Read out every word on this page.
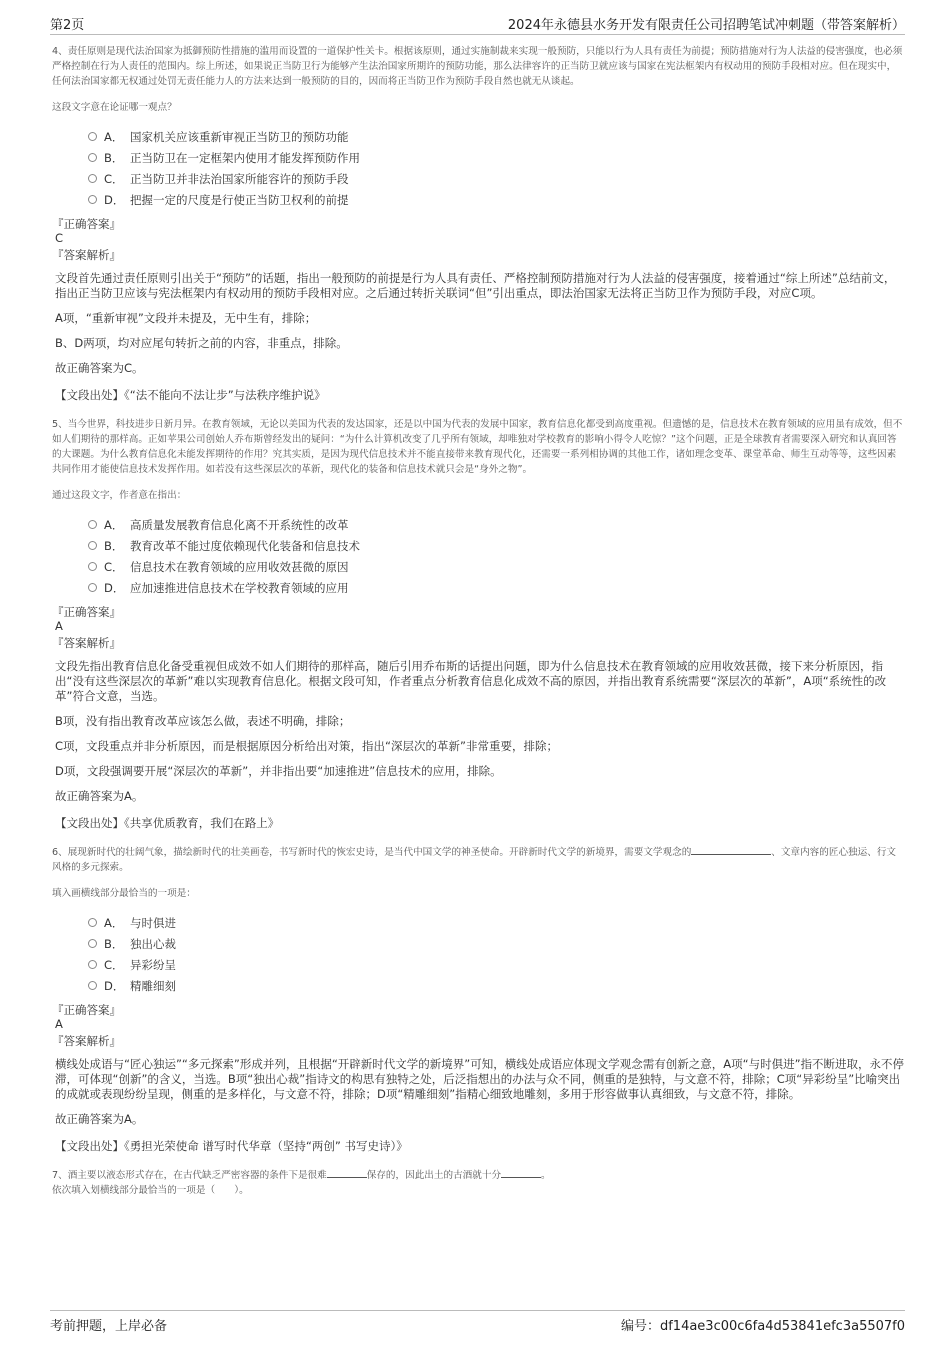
第2页	2024年永德县水务开发有限责任公司招聘笔试冲刺题（带答案解析）

4、责任原则是现代法治国家为抵御预防性措施的滥用而设置的一道保护性关卡。根据该原则，通过实施制裁来实现一般预防，只能以行为人具有责任为前提；预防措施对行为人法益的侵害强度，也必须严格控制在行为人责任的范围内。综上所述，如果说正当防卫行为能够产生法治国家所期许的预防功能，那么法律容许的正当防卫就应该与国家在宪法框架内有权动用的预防手段相对应。但在现实中，任何法治国家都无权通过处罚无责任能力人的方法来达到一般预防的目的，因而将正当防卫作为预防手段自然也就无从谈起。

这段文字意在论证哪一观点？

A． 国家机关应该重新审视正当防卫的预防功能
B． 正当防卫在一定框架内使用才能发挥预防作用
C． 正当防卫并非法治国家所能容许的预防手段
D． 把握一定的尺度是行使正当防卫权利的前提

『正确答案』

C

『答案解析』

文段首先通过责任原则引出关于“预防”的话题，指出一般预防的前提是行为人具有责任、严格控制预防措施对行为人法益的侵害强度，接着通过“综上所述”总结前文，指出正当防卫应该与宪法框架内有权动用的预防手段相对应。之后通过转折关联词“但”引出重点，即法治国家无法将正当防卫作为预防手段，对应C项。

A项，“重新审视”文段并未提及，无中生有，排除；

B、D两项，均对应尾句转折之前的内容，非重点，排除。

故正确答案为C。

【文段出处】《“法不能向不法让步”与法秩序维护说》

5、当今世界，科技进步日新月异。在教育领域，无论以美国为代表的发达国家，还是以中国为代表的发展中国家，教育信息化都受到高度重视。但遗憾的是，信息技术在教育领域的应用虽有成效，但不如人们期待的那样高。正如苹果公司创始人乔布斯曾经发出的疑问：“为什么计算机改变了几乎所有领域，却唯独对学校教育的影响小得令人吃惊？”这个问题，正是全球教育者需要深入研究和认真回答的大课题。为什么教育信息化未能发挥期待的作用？究其实质，是因为现代信息技术并不能直接带来教育现代化，还需要一系列相协调的其他工作，诸如理念变革、课堂革命、师生互动等等，这些因素共同作用才能使信息技术发挥作用。如若没有这些深层次的革新，现代化的装备和信息技术就只会是“身外之物”。

通过这段文字，作者意在指出：

A． 高质量发展教育信息化离不开系统性的改革
B． 教育改革不能过度依赖现代化装备和信息技术
C． 信息技术在教育领域的应用收效甚微的原因
D． 应加速推进信息技术在学校教育领域的应用

『正确答案』

A

『答案解析』

文段先指出教育信息化备受重视但成效不如人们期待的那样高，随后引用乔布斯的话提出问题，即为什么信息技术在教育领域的应用收效甚微，接下来分析原因，指出“没有这些深层次的革新”难以实现教育信息化。根据文段可知，作者重点分析教育信息化成效不高的原因，并指出教育系统需要“深层次的革新”，A项“系统性的改革”符合文意，当选。

B项，没有指出教育改革应该怎么做，表述不明确，排除；

C项，文段重点并非分析原因，而是根据原因分析给出对策，指出“深层次的革新”非常重要，排除；

D项，文段强调要开展“深层次的革新”，并非指出要“加速推进”信息技术的应用，排除。

故正确答案为A。

【文段出处】《共享优质教育，我们在路上》

6、展现新时代的壮阔气象，描绘新时代的壮美画卷，书写新时代的恢宏史诗，是当代中国文学的神圣使命。开辟新时代文学的新境界，需要文学观念的	、文章内容的匠心独运、行文风格的多元探索。

填入画横线部分最恰当的一项是：

A． 与时俱进
B． 独出心裁
C． 异彩纷呈
D． 精雕细刻

『正确答案』

A

『答案解析』

横线处成语与“匠心独运”“多元探索”形成并列，且根据“开辟新时代文学的新境界”可知，横线处成语应体现文学观念需有创新之意，A项“与时俱进”指不断进取，永不停滞，可体现“创新”的含义，当选。B项“独出心裁”指诗文的构思有独特之处，后泛指想出的办法与众不同，侧重的是独特，与文意不符，排除；C项“异彩纷呈”比喻突出的成就或表现纷纷呈现，侧重的是多样化，与文意不符，排除；D项“精雕细刻”指精心细致地雕刻，多用于形容做事认真细致，与文意不符，排除。

故正确答案为A。

【文段出处】《勇担光荣使命 谱写时代华章（坚持“两创” 书写史诗）》

7、酒主要以液态形式存在，在古代缺乏严密容器的条件下是很难	保存的，因此出土的古酒就十分	。

依次填入划横线部分最恰当的一项是（　　）。

考前押题，上岸必备	编号：df14ae3c00c6fa4d53841efc3a5507f0
